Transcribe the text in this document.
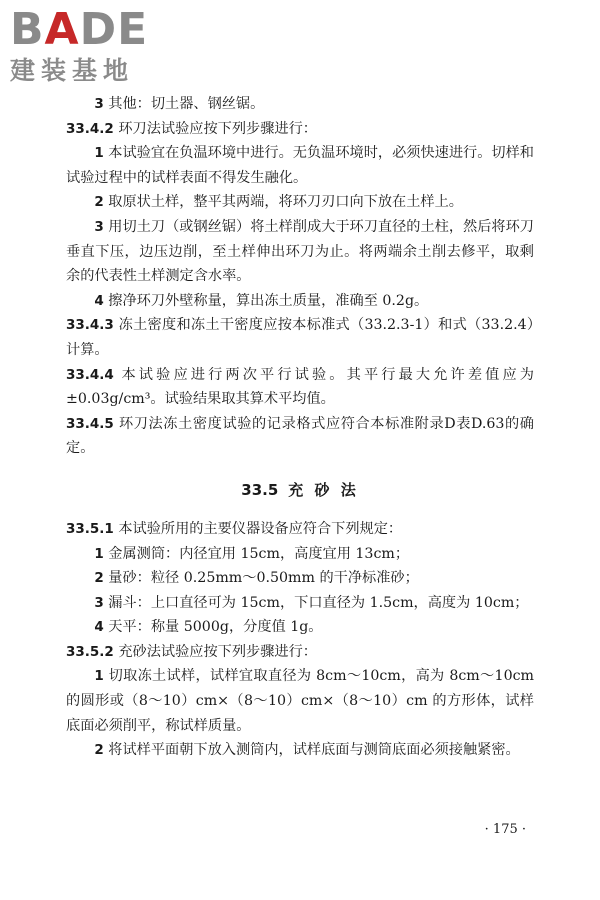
BADE
建装基地

3 其他：切土器、钢丝锯。

33.4.2 环刀法试验应按下列步骤进行：

1 本试验宜在负温环境中进行。无负温环境时，必须快速进行。切样和试验过程中的试样表面不得发生融化。

2 取原状土样，整平其两端，将环刀刃口向下放在土样上。

3 用切土刀（或钢丝锯）将土样削成大于环刀直径的土柱，然后将环刀垂直下压，边压边削，至土样伸出环刀为止。将两端余土削去修平，取剩余的代表性土样测定含水率。

4 擦净环刀外壁称量，算出冻土质量，准确至 0.2g。

33.4.3 冻土密度和冻土干密度应按本标准式（33.2.3-1）和式（33.2.4）计算。

33.4.4 本试验应进行两次平行试验。其平行最大允许差值应为±0.03g/cm³。试验结果取其算术平均值。

33.4.5 环刀法冻土密度试验的记录格式应符合本标准附录D表D.63的确定。

33.5 充 砂 法

33.5.1 本试验所用的主要仪器设备应符合下列规定：

1 金属测筒：内径宜用 15cm，高度宜用 13cm；

2 量砂：粒径 0.25mm～0.50mm 的干净标准砂；

3 漏斗：上口直径可为 15cm，下口直径为 1.5cm，高度为 10cm；

4 天平：称量 5000g，分度值 1g。

33.5.2 充砂法试验应按下列步骤进行：

1 切取冻土试样，试样宜取直径为 8cm～10cm，高为 8cm～10cm 的圆形或（8～10）cm×（8～10）cm×（8～10）cm 的方形体，试样底面必须削平，称试样质量。

2 将试样平面朝下放入测筒内，试样底面与测筒底面必须接触紧密。

· 175 ·
